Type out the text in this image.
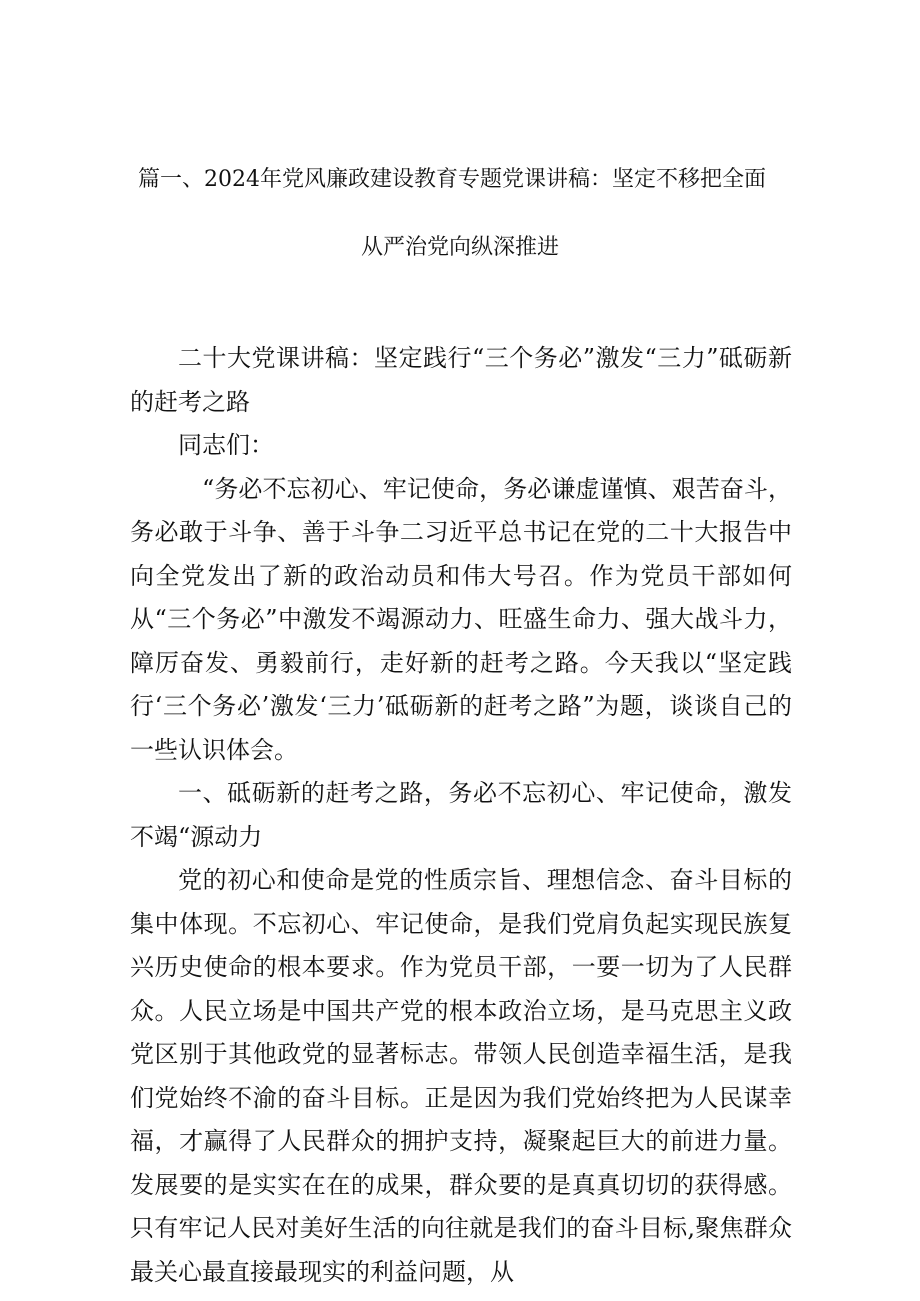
篇一、2024年党风廉政建设教育专题党课讲稿：坚定不移把全面
从严治党向纵深推进

二十大党课讲稿：坚定践行“三个务必”激发“三力”砥砺新的赶考之路

同志们：

“务必不忘初心、牢记使命，务必谦虚谨慎、艰苦奋斗，务必敢于斗争、善于斗争二习近平总书记在党的二十大报告中向全党发出了新的政治动员和伟大号召。作为党员干部如何从“三个务必”中激发不竭源动力、旺盛生命力、强大战斗力，障厉奋发、勇毅前行，走好新的赶考之路。今天我以“坚定践行‘三个务必’激发‘三力’砥砺新的赶考之路”为题，谈谈自己的一些认识体会。

一、砥砺新的赶考之路，务必不忘初心、牢记使命，激发不竭“源动力

党的初心和使命是党的性质宗旨、理想信念、奋斗目标的集中体现。不忘初心、牢记使命，是我们党肩负起实现民族复兴历史使命的根本要求。作为党员干部，一要一切为了人民群众。人民立场是中国共产党的根本政治立场，是马克思主义政党区别于其他政党的显著标志。带领人民创造幸福生活，是我们党始终不渝的奋斗目标。正是因为我们党始终把为人民谋幸福，才赢得了人民群众的拥护支持，凝聚起巨大的前进力量。发展要的是实实在在的成果，群众要的是真真切切的获得感。只有牢记人民对美好生活的向往就是我们的奋斗目标,聚焦群众最关心最直接最现实的利益问题，从
